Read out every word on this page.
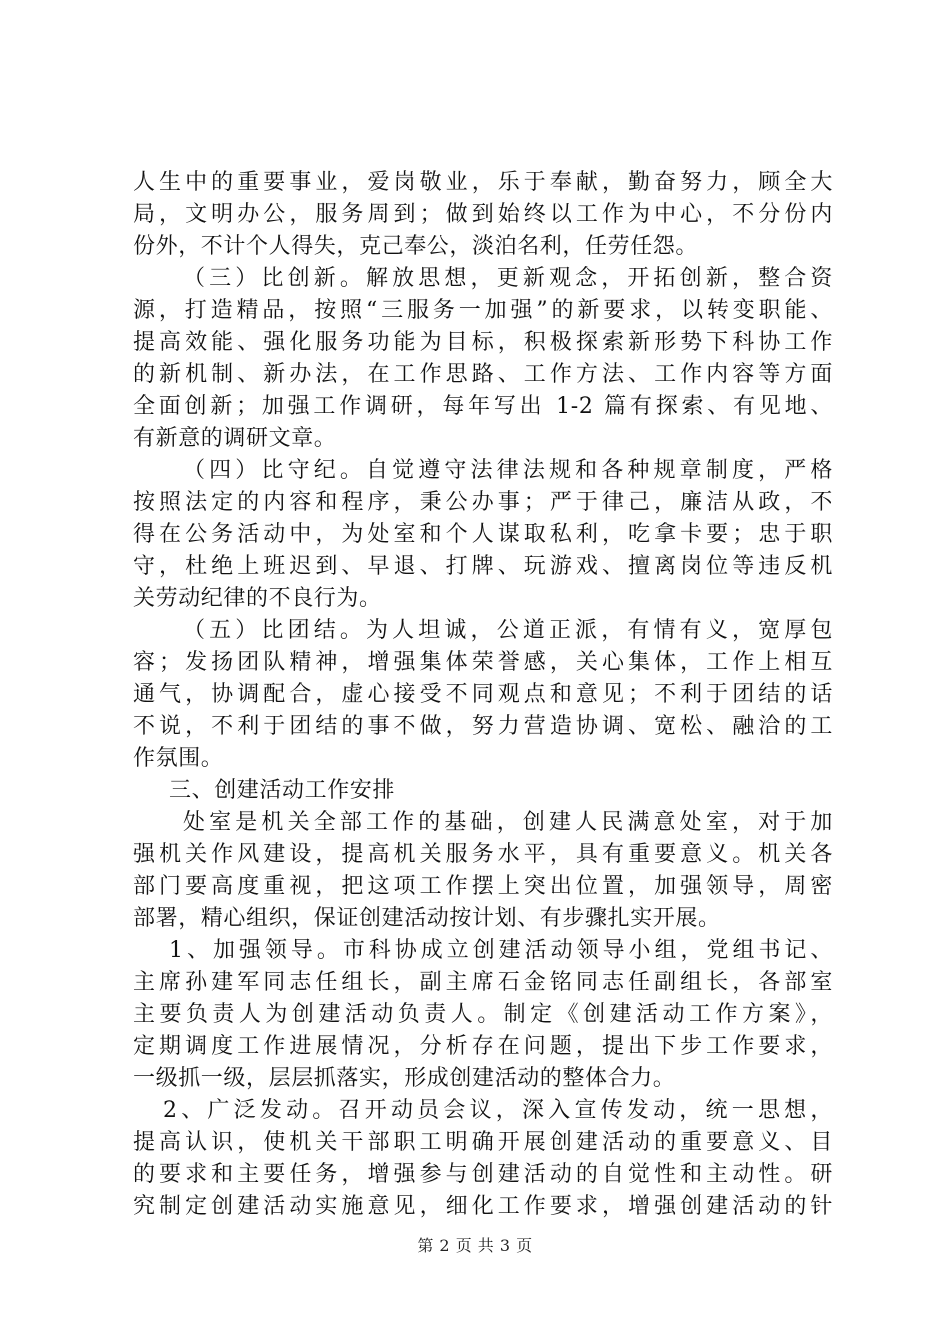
人生中的重要事业，爱岗敬业，乐于奉献，勤奋努力，顾全大
局，文明办公，服务周到；做到始终以工作为中心，不分份内
份外，不计个人得失，克己奉公，淡泊名利，任劳任怨。
（三）比创新。解放思想，更新观念，开拓创新，整合资
源，打造精品，按照“三服务一加强”的新要求，以转变职能、
提高效能、强化服务功能为目标，积极探索新形势下科协工作
的新机制、新办法，在工作思路、工作方法、工作内容等方面
全面创新；加强工作调研，每年写出 1-2 篇有探索、有见地、
有新意的调研文章。
（四）比守纪。自觉遵守法律法规和各种规章制度，严格
按照法定的内容和程序，秉公办事；严于律己，廉洁从政，不
得在公务活动中，为处室和个人谋取私利，吃拿卡要；忠于职
守，杜绝上班迟到、早退、打牌、玩游戏、擅离岗位等违反机
关劳动纪律的不良行为。
（五）比团结。为人坦诚，公道正派，有情有义，宽厚包
容；发扬团队精神，增强集体荣誉感，关心集体，工作上相互
通气，协调配合，虚心接受不同观点和意见；不利于团结的话
不说，不利于团结的事不做，努力营造协调、宽松、融洽的工
作氛围。
三、创建活动工作安排
处室是机关全部工作的基础，创建人民满意处室，对于加
强机关作风建设，提高机关服务水平，具有重要意义。机关各
部门要高度重视，把这项工作摆上突出位置，加强领导，周密
部署，精心组织，保证创建活动按计划、有步骤扎实开展。
1、加强领导。市科协成立创建活动领导小组，党组书记、
主席孙建军同志任组长，副主席石金铭同志任副组长，各部室
主要负责人为创建活动负责人。制定《创建活动工作方案》，
定期调度工作进展情况，分析存在问题，提出下步工作要求，
一级抓一级，层层抓落实，形成创建活动的整体合力。
2、广泛发动。召开动员会议，深入宣传发动，统一思想，
提高认识，使机关干部职工明确开展创建活动的重要意义、目
的要求和主要任务，增强参与创建活动的自觉性和主动性。研
究制定创建活动实施意见，细化工作要求，增强创建活动的针
第 2 页 共 3 页
